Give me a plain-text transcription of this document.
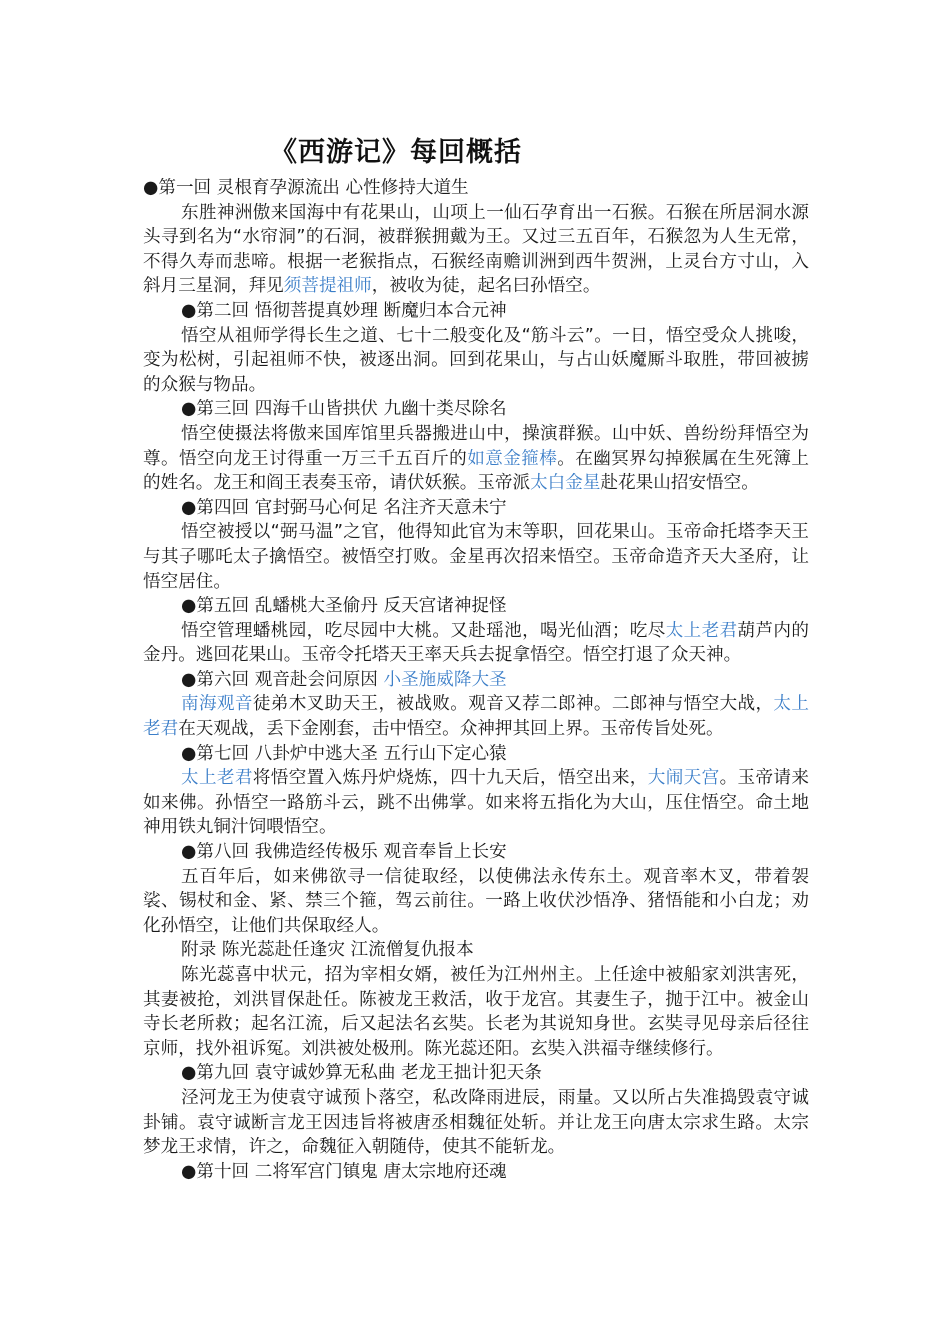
《西游记》每回概括

●第一回 灵根育孕源流出 心性修持大道生

东胜神洲傲来国海中有花果山，山项上一仙石孕育出一石猴。石猴在所居洞水源头寻到名为“水帘洞”的石洞，被群猴拥戴为王。又过三五百年，石猴忽为人生无常，不得久寿而悲啼。根据一老猴指点，石猴经南赡训洲到西牛贺洲，上灵台方寸山，入斜月三星洞，拜见须菩提祖师，被收为徒，起名曰孙悟空。

●第二回 悟彻菩提真妙理 断魔归本合元神

悟空从祖师学得长生之道、七十二般变化及“筋斗云”。一日，悟空受众人挑唆，变为松树，引起祖师不快，被逐出洞。回到花果山，与占山妖魔厮斗取胜，带回被掳的众猴与物品。

●第三回 四海千山皆拱伏 九幽十类尽除名

悟空使摄法将傲来国库馆里兵器搬进山中，操演群猴。山中妖、兽纷纷拜悟空为尊。悟空向龙王讨得重一万三千五百斤的如意金箍棒。在幽冥界勾掉猴属在生死簿上的姓名。龙王和阎王表奏玉帝，请伏妖猴。玉帝派太白金星赴花果山招安悟空。

●第四回 官封弼马心何足 名注齐天意未宁

悟空被授以“弼马温”之官，他得知此官为末等职，回花果山。玉帝命托塔李天王与其子哪吒太子擒悟空。被悟空打败。金星再次招来悟空。玉帝命造齐天大圣府，让悟空居住。

●第五回 乱蟠桃大圣偷丹 反天宫诸神捉怪

悟空管理蟠桃园，吃尽园中大桃。又赴瑶池，喝光仙酒；吃尽太上老君葫芦内的金丹。逃回花果山。玉帝令托塔天王率天兵去捉拿悟空。悟空打退了众天神。

●第六回 观音赴会问原因 小圣施威降大圣

南海观音徒弟木叉助天王，被战败。观音又荐二郎神。二郎神与悟空大战，太上老君在天观战，丢下金刚套，击中悟空。众神押其回上界。玉帝传旨处死。

●第七回 八卦炉中逃大圣 五行山下定心猿

太上老君将悟空置入炼丹炉烧炼，四十九天后，悟空出来，大闹天宫。玉帝请来如来佛。孙悟空一路筋斗云，跳不出佛掌。如来将五指化为大山，压住悟空。命土地神用铁丸铜汁饲喂悟空。

●第八回 我佛造经传极乐 观音奉旨上长安

五百年后，如来佛欲寻一信徒取经，以使佛法永传东土。观音率木叉，带着袈裟、锡杖和金、紧、禁三个箍，驾云前往。一路上收伏沙悟净、猪悟能和小白龙；劝化孙悟空，让他们共保取经人。

附录 陈光蕊赴任逢灾 江流僧复仇报本

陈光蕊喜中状元，招为宰相女婿，被任为江州州主。上任途中被船家刘洪害死，其妻被抢，刘洪冒保赴任。陈被龙王救活，收于龙宫。其妻生子，抛于江中。被金山寺长老所救；起名江流，后又起法名玄奘。长老为其说知身世。玄奘寻见母亲后径往京师，找外祖诉冤。刘洪被处极刑。陈光蕊还阳。玄奘入洪福寺继续修行。

●第九回 袁守诚妙算无私曲 老龙王拙计犯天条

泾河龙王为使袁守诚预卜落空，私改降雨进辰，雨量。又以所占失准捣毁袁守诚卦铺。袁守诚断言龙王因违旨将被唐丞相魏征处斩。并让龙王向唐太宗求生路。太宗梦龙王求情，许之，命魏征入朝随侍，使其不能斩龙。

●第十回 二将军宫门镇鬼 唐太宗地府还魂
